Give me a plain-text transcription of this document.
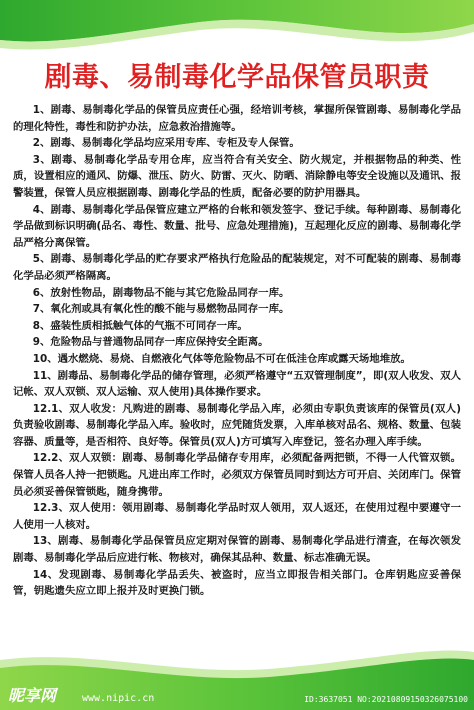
剧毒、易制毒化学品保管员职责

1、剧毒、易制毒化学品的保管员应责任心强，经培训考核，掌握所保管剧毒、易制毒化学品的理化特性，毒性和防护办法，应急救治措施等。

2、剧毒、易制毒化学品均应采用专库、专柜及专人保管。

3、剧毒、易制毒化学品专用仓库，应当符合有关安全、防火规定，并根据物品的种类、性质，设置相应的通风、防爆、泄压、防火、防雷、灭火、防晒、消除静电等安全设施以及通讯、报警装置，保管人员应根据剧毒、剧毒化学品的性质，配备必要的防护用器具。

4、剧毒、易制毒化学品保管应建立严格的台帐和领发签字、登记手续。每种剧毒、易制毒化学品做到标识明确(品名、毒性、数量、批号、应急处理措施)，互起理化反应的剧毒、易制毒化学品严格分离保管。

5、剧毒、易制毒化学品的贮存要求严格执行危险品的配装规定，对不可配装的剧毒、易制毒化学品必须严格隔离。

6、放射性物品，剧毒物品不能与其它危险品同存一库。

7、氧化剂或具有氧化性的酸不能与易燃物品同存一库。

8、盛装性质相抵触气体的气瓶不可同存一库。

9、危险物品与普通物品同存一库应保持安全距离。

10、遇水燃烧、易烧、自燃液化气体等危险物品不可在低洼仓库或露天场地堆放。

11、剧毒品、易制毒化学品的储存管理，必须严格遵守“五双管理制度”，即(双人收发、双人记帐、双人双锁、双人运输、双人使用)具体操作要求。

12.1、双人收发：凡购进的剧毒、易制毒化学品入库，必须由专职负责该库的保管员(双人)负责验收剧毒、易制毒化学品入库。验收时，应凭随货发票，入库单核对品名、规格、数量、包装容器、质量等，是否相符、良好等。保管员(双人)方可填写入库登记，签名办理入库手续。

12.2、双人双锁：剧毒、易制毒化学品储存专用库，必须配备两把锁，不得一人代管双锁。保管人员各人持一把锁匙。凡进出库工作时，必须双方保管员同时到达方可开启、关闭库门。保管员必须妥善保管锁匙，随身携带。

12.3、双人使用：领用剧毒、易制毒化学品时双人领用，双人返还，在使用过程中要遵守一人使用一人核对。

13、剧毒、易制毒化学品保管员应定期对保管的剧毒、易制毒化学品进行清查，在每次领发剧毒、易制毒化学品后应进行帐、物核对，确保其品种、数量、标志准确无误。

14、发现剧毒、易制毒化学品丢失、被盗时，应当立即报告相关部门。仓库钥匙应妥善保管，钥匙遗失应立即上报并及时更换门锁。

昵享网	www.nipic.cn	ID:3637051 NO:20210809150326075100
